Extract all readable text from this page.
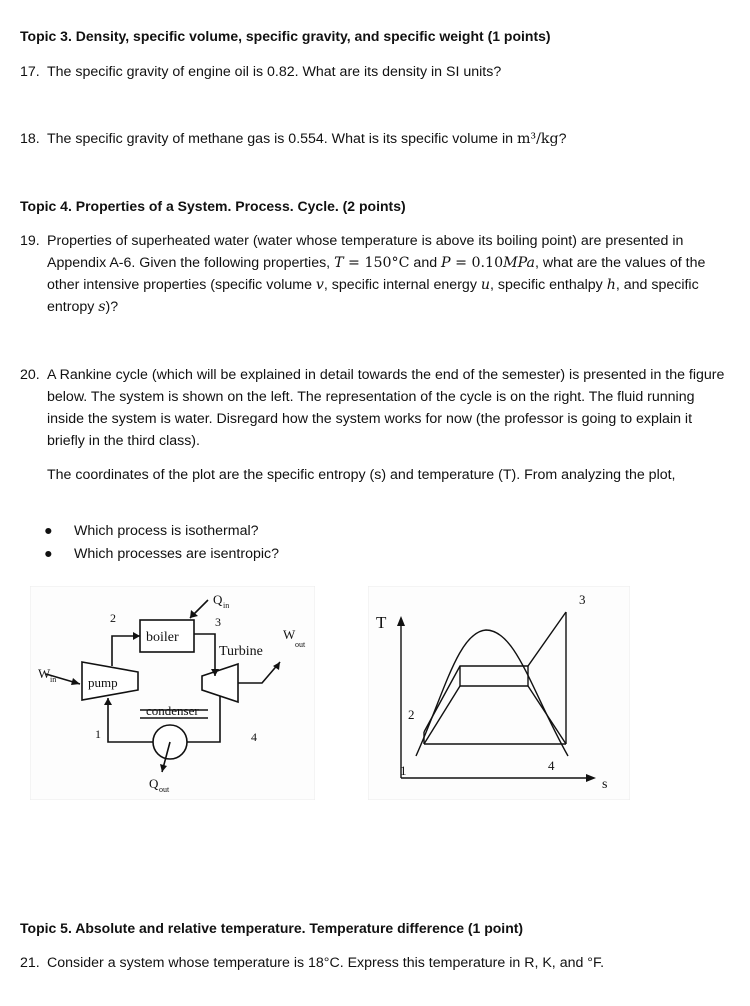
Topic 3. Density, specific volume, specific gravity, and specific weight (1 points)
17. The specific gravity of engine oil is 0.82. What are its density in SI units?
18. The specific gravity of methane gas is 0.554. What is its specific volume in m³/kg?
Topic 4. Properties of a System. Process. Cycle. (2 points)
19. Properties of superheated water (water whose temperature is above its boiling point) are presented in Appendix A-6. Given the following properties, T = 150°C and P = 0.10MPa, what are the values of the other intensive properties (specific volume v, specific internal energy u, specific enthalpy h, and specific entropy s)?
20. A Rankine cycle (which will be explained in detail towards the end of the semester) is presented in the figure below. The system is shown on the left. The representation of the cycle is on the right. The fluid running inside the system is water. Disregard how the system works for now (the professor is going to explain it briefly in the third class).
The coordinates of the plot are the specific entropy (s) and temperature (T). From analyzing the plot,
● Which process is isothermal?
● Which processes are isentropic?
boiler
Turbine
pump
condenser
Q in
Q out
W in
W
out
2	3
4
1
T
s
1
2
3
4
Topic 5. Absolute and relative temperature. Temperature difference (1 point)
21. Consider a system whose temperature is 18°C. Express this temperature in R, K, and °F.
